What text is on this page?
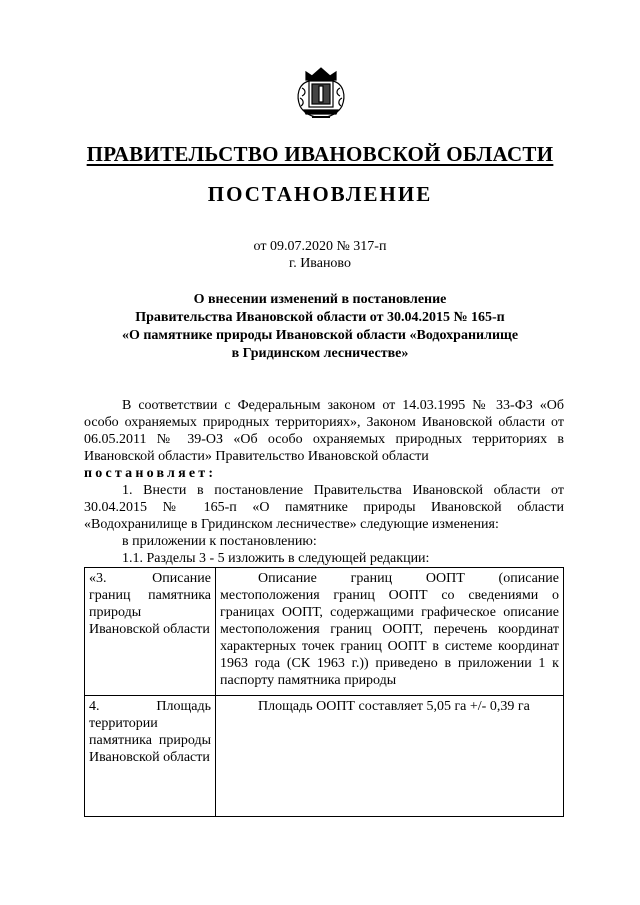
ПРАВИТЕЛЬСТВО ИВАНОВСКОЙ ОБЛАСТИ
ПОСТАНОВЛЕНИЕ
от 09.07.2020 № 317-п
г. Иваново
О внесении изменений в постановление
Правительства Ивановской области от 30.04.2015 № 165-п
«О памятнике природы Ивановской области «Водохранилище
в Гридинском лесничестве»

В соответствии с Федеральным законом от 14.03.1995 № 33-ФЗ «Об особо охраняемых природных территориях», Законом Ивановской области от 06.05.2011 № 39-ОЗ «Об особо охраняемых природных территориях в Ивановской области» Правительство Ивановской области

постановляет:

1. Внести в постановление Правительства Ивановской области от 30.04.2015 № 165-п «О памятнике природы Ивановской области «Водохранилище в Гридинском лесничестве» следующие изменения:

в приложении к постановлению:

1.1. Разделы 3 - 5 изложить в следующей редакции:

«3. Описание границ памятника природы Ивановской области	Описание границ ООПТ (описание местоположения границ ООПТ со сведениями о границах ООПТ, содержащими графическое описание местоположения границ ООПТ, перечень координат характерных точек границ ООПТ в системе координат 1963 года (СК 1963 г.)) приведено в приложении 1 к паспорту памятника природы
4. Площадь территории памятника природы Ивановской области	Площадь ООПТ составляет 5,05 га +/- 0,39 га
